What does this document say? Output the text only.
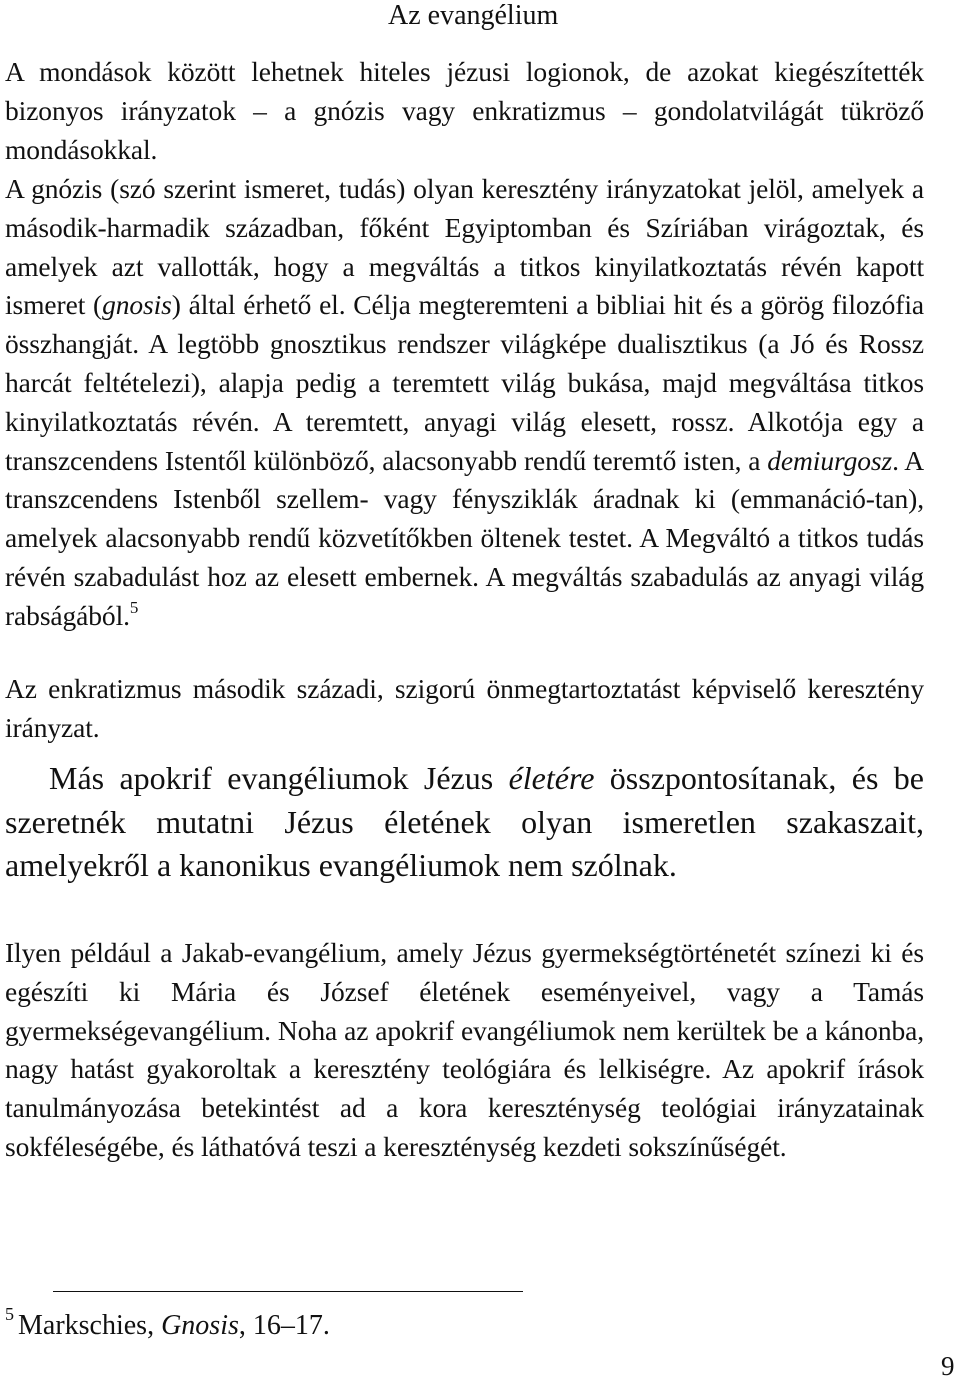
Az evangélium

A mondások között lehetnek hiteles jézusi logionok, de azokat kiegészítették bizonyos irányzatok – a gnózis vagy enkratizmus – gondolatvilágát tükröző mondásokkal.

A gnózis (szó szerint ismeret, tudás) olyan keresztény irányzatokat jelöl, amelyek a második-harmadik században, főként Egyiptomban és Szíriában virágoztak, és amelyek azt vallották, hogy a megváltás a titkos kinyilatkoztatás révén kapott ismeret (gnosis) által érhető el. Célja megteremteni a bibliai hit és a görög filozófia összhangját. A legtöbb gnosztikus rendszer világképe dualisztikus (a Jó és Rossz harcát feltételezi), alapja pedig a teremtett világ bukása, majd megváltása titkos kinyilatkoztatás révén. A teremtett, anyagi világ elesett, rossz. Alkotója egy a transzcendens Istentől különböző, alacsonyabb rendű teremtő isten, a demiurgosz. A transzcendens Istenből szellem- vagy fénysziklák áradnak ki (emmanáció-tan), amelyek alacsonyabb rendű közvetítőkben öltenek testet. A Megváltó a titkos tudás révén szabadulást hoz az elesett embernek. A megváltás szabadulás az anyagi világ rabságából.$^5$

Az enkratizmus második századi, szigorú önmegtartoztatást képviselő keresztény irányzat.

Más apokrif evangéliumok Jézus életére összpontosítanak, és be szeretnék mutatni Jézus életének olyan ismeretlen szakaszait, amelyekről a kanonikus evangéliumok nem szólnak.

Ilyen például a Jakab-evangélium, amely Jézus gyermekségtörténetét színezi ki és egészíti ki Mária és József életének eseményeivel, vagy a Tamás gyermekségevangélium. Noha az apokrif evangéliumok nem kerültek be a kánonba, nagy hatást gyakoroltak a keresztény teológiára és lelkiségre. Az apokrif írások tanulmányozása betekintést ad a kora kereszténység teológiai irányzatainak sokféleségébe, és láthatóvá teszi a kereszténység kezdeti sokszínűségét.

$^5$ Markschies, Gnosis, 16–17.
9
